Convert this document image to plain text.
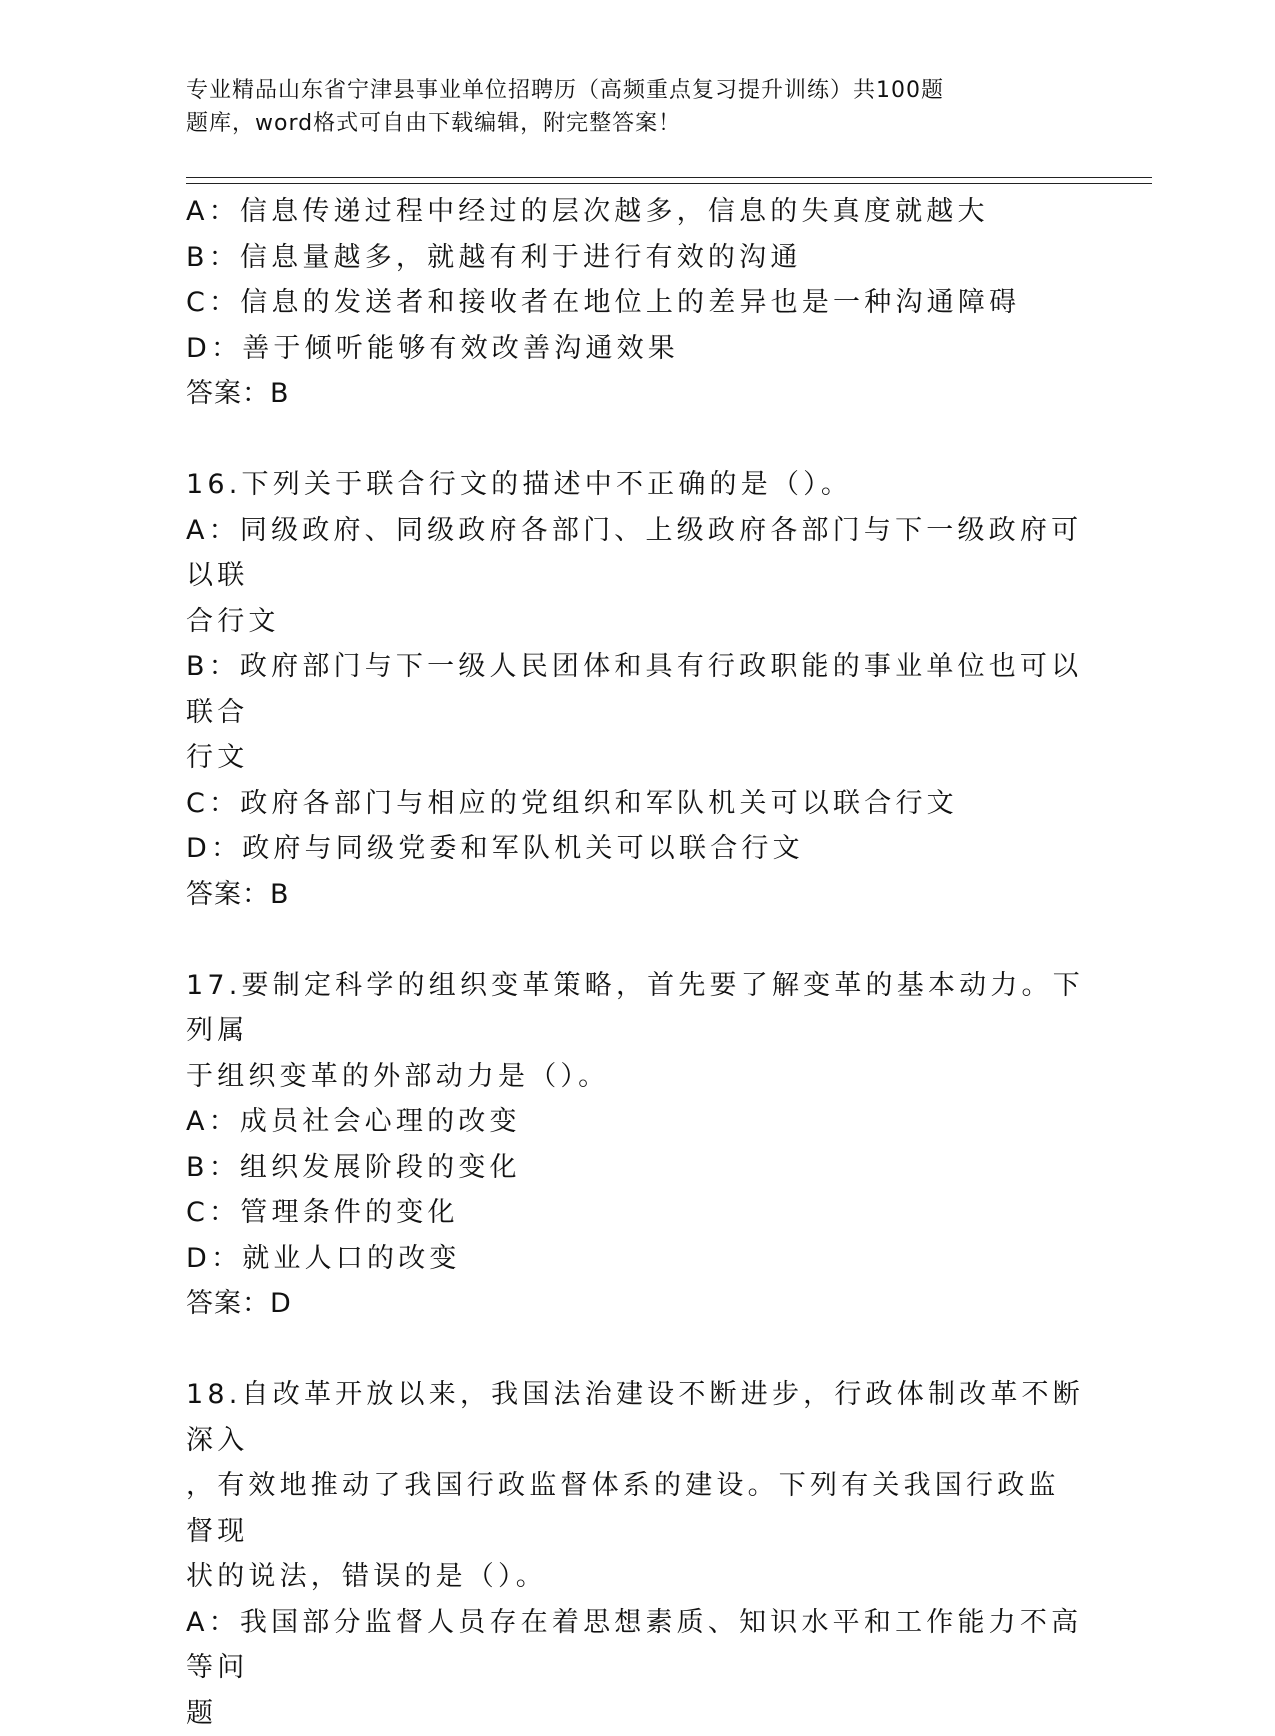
专业精品山东省宁津县事业单位招聘历（高频重点复习提升训练）共100题
题库，word格式可自由下载编辑，附完整答案！
A：信息传递过程中经过的层次越多，信息的失真度就越大
B：信息量越多，就越有利于进行有效的沟通
C：信息的发送者和接收者在地位上的差异也是一种沟通障碍
D：善于倾听能够有效改善沟通效果
答案：B
16.下列关于联合行文的描述中不正确的是（）。
A：同级政府、同级政府各部门、上级政府各部门与下一级政府可以联
合行文
B：政府部门与下一级人民团体和具有行政职能的事业单位也可以联合
行文
C：政府各部门与相应的党组织和军队机关可以联合行文
D：政府与同级党委和军队机关可以联合行文
答案：B
17.要制定科学的组织变革策略，首先要了解变革的基本动力。下列属
于组织变革的外部动力是（）。
A：成员社会心理的改变
B：组织发展阶段的变化
C：管理条件的变化
D：就业人口的改变
答案：D
18.自改革开放以来，我国法治建设不断进步，行政体制改革不断深入
，有效地推动了我国行政监督体系的建设。下列有关我国行政监督现
状的说法，错误的是（）。
A：我国部分监督人员存在着思想素质、知识水平和工作能力不高等问
题
